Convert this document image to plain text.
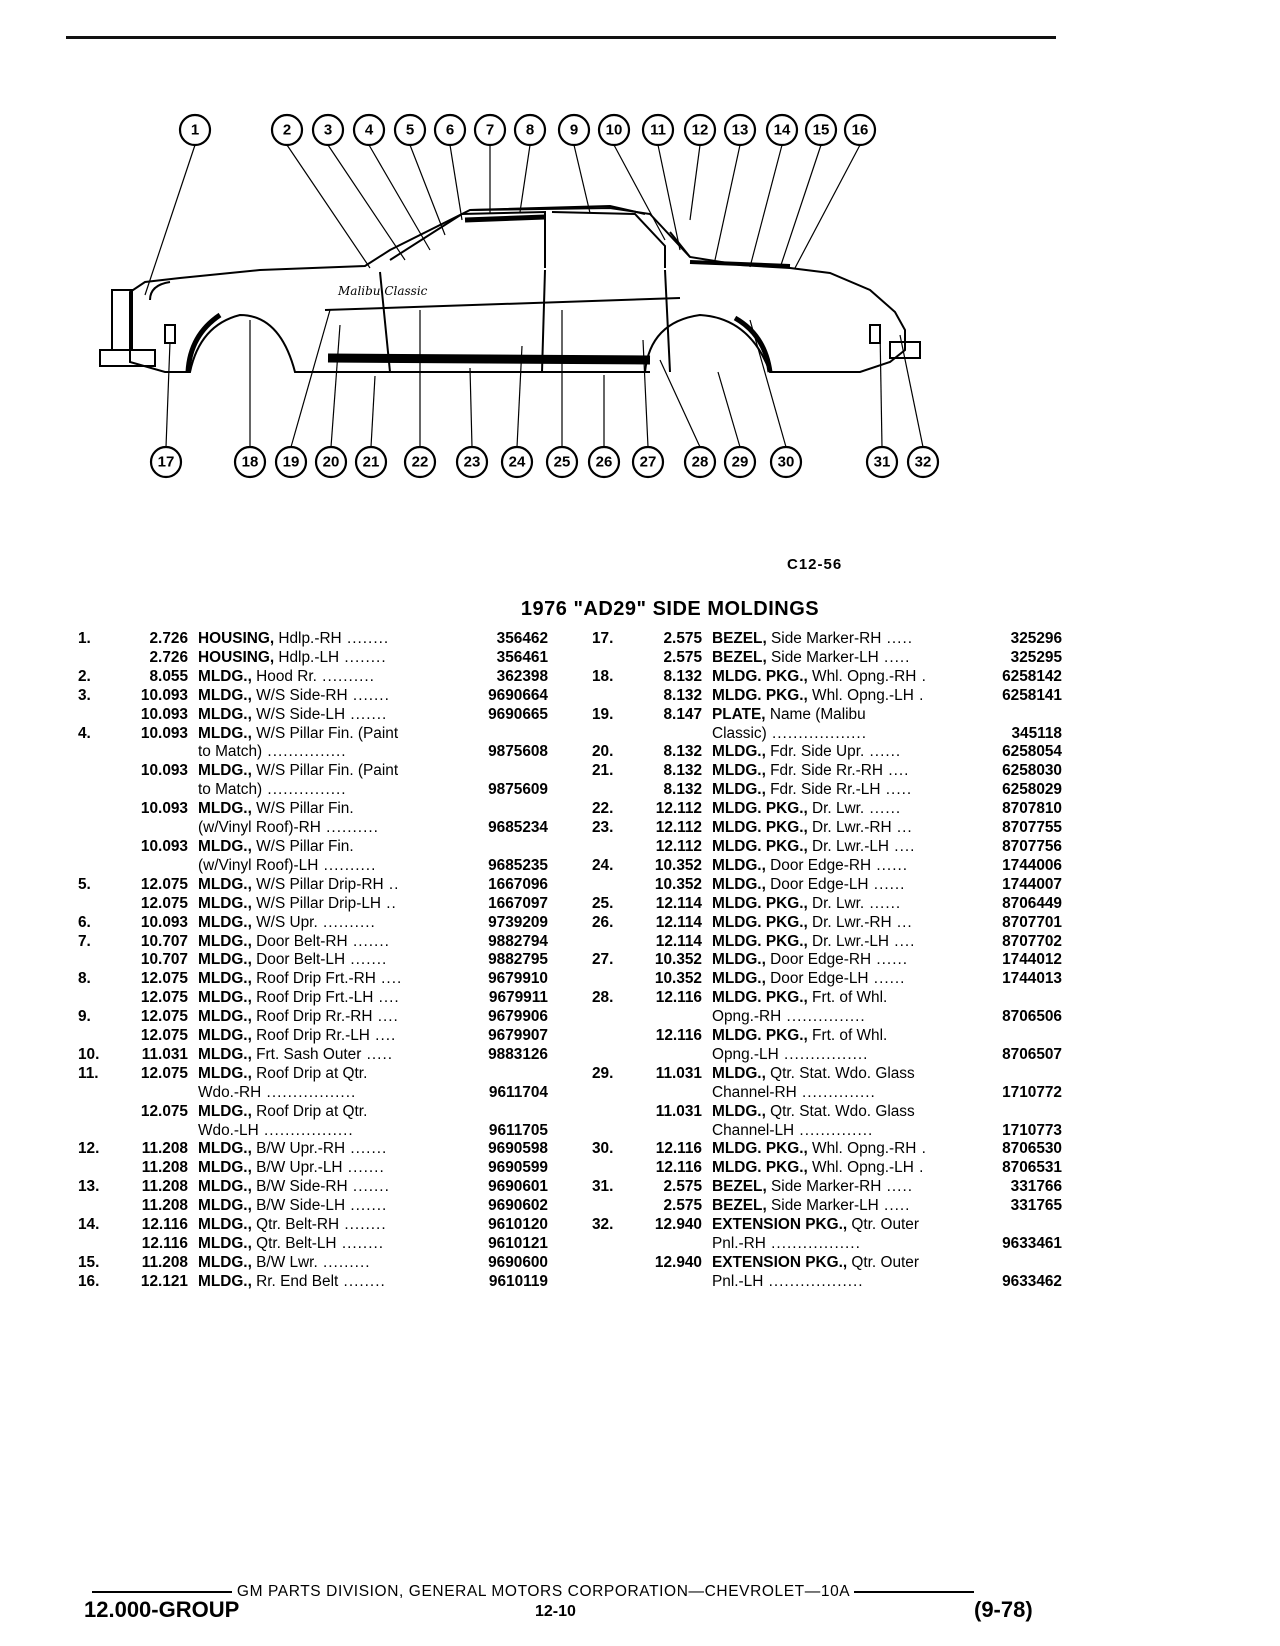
Malibu Classic
1	2 3 4 5 6 7 8 9 10 11 12 13 14 15 16
17	18 19 20 21 22 23 24 25 26 27 28 29 30	31 32
C12-56
1976 "AD29" SIDE MOLDINGS
1.	2.726 HOUSING, Hdlp.-RH ........	356462
2.726 HOUSING, Hdlp.-LH ........	356461
2.	8.055 MLDG., Hood Rr. ..........	362398
3.	10.093 MLDG., W/S Side-RH .......	9690664
10.093 MLDG., W/S Side-LH .......	9690665
4.	10.093 MLDG., W/S Pillar Fin. (Paint
to Match) ...............	9875608
10.093 MLDG., W/S Pillar Fin. (Paint
to Match) ...............	9875609
10.093 MLDG., W/S Pillar Fin.
(w/Vinyl Roof)-RH ..........	9685234
10.093 MLDG., W/S Pillar Fin.
(w/Vinyl Roof)-LH ..........	9685235
5.	12.075 MLDG., W/S Pillar Drip-RH ..	1667096
12.075 MLDG., W/S Pillar Drip-LH ..	1667097
6.	10.093 MLDG., W/S Upr. ..........	9739209
7.	10.707 MLDG., Door Belt-RH .......	9882794
10.707 MLDG., Door Belt-LH .......	9882795
8.	12.075 MLDG., Roof Drip Frt.-RH ....	9679910
12.075 MLDG., Roof Drip Frt.-LH ....	9679911
9.	12.075 MLDG., Roof Drip Rr.-RH ....	9679906
12.075 MLDG., Roof Drip Rr.-LH ....	9679907
10.	11.031 MLDG., Frt. Sash Outer .....	9883126
11.	12.075 MLDG., Roof Drip at Qtr.
Wdo.-RH .................	9611704
12.075 MLDG., Roof Drip at Qtr.
Wdo.-LH .................	9611705
12.	11.208 MLDG., B/W Upr.-RH .......	9690598
11.208 MLDG., B/W Upr.-LH .......	9690599
13.	11.208 MLDG., B/W Side-RH .......	9690601
11.208 MLDG., B/W Side-LH .......	9690602
14.	12.116 MLDG., Qtr. Belt-RH ........	9610120
12.116 MLDG., Qtr. Belt-LH ........	9610121
15.	11.208 MLDG., B/W Lwr. .........	9690600
16.	12.121 MLDG., Rr. End Belt ........	9610119
17.	2.575 BEZEL, Side Marker-RH .....	325296
2.575 BEZEL, Side Marker-LH .....	325295
18.	8.132 MLDG. PKG., Whl. Opng.-RH .	6258142
8.132 MLDG. PKG., Whl. Opng.-LH .	6258141
19.	8.147 PLATE, Name (Malibu
Classic) ..................	345118
20.	8.132 MLDG., Fdr. Side Upr. ......	6258054
21.	8.132 MLDG., Fdr. Side Rr.-RH ....	6258030
8.132 MLDG., Fdr. Side Rr.-LH .....	6258029
22.	12.112 MLDG. PKG., Dr. Lwr. ......	8707810
23.	12.112 MLDG. PKG., Dr. Lwr.-RH ...	8707755
12.112 MLDG. PKG., Dr. Lwr.-LH ....	8707756
24.	10.352 MLDG., Door Edge-RH ......	1744006
10.352 MLDG., Door Edge-LH ......	1744007
25.	12.114 MLDG. PKG., Dr. Lwr. ......	8706449
26.	12.114 MLDG. PKG., Dr. Lwr.-RH ...	8707701
12.114 MLDG. PKG., Dr. Lwr.-LH ....	8707702
27.	10.352 MLDG., Door Edge-RH ......	1744012
10.352 MLDG., Door Edge-LH ......	1744013
28.	12.116 MLDG. PKG., Frt. of Whl.
Opng.-RH ...............	8706506
12.116 MLDG. PKG., Frt. of Whl.
Opng.-LH ................	8706507
29.	11.031 MLDG., Qtr. Stat. Wdo. Glass
Channel-RH ..............	1710772
11.031 MLDG., Qtr. Stat. Wdo. Glass
Channel-LH ..............	1710773
30.	12.116 MLDG. PKG., Whl. Opng.-RH .	8706530
12.116 MLDG. PKG., Whl. Opng.-LH .	8706531
31.	2.575 BEZEL, Side Marker-RH .....	331766
2.575 BEZEL, Side Marker-LH .....	331765
32.	12.940 EXTENSION PKG., Qtr. Outer
Pnl.-RH .................	9633461
12.940 EXTENSION PKG., Qtr. Outer
Pnl.-LH ..................	9633462
GM PARTS DIVISION, GENERAL MOTORS CORPORATION—CHEVROLET—10A
12.000-GROUP	12-10	(9-78)
